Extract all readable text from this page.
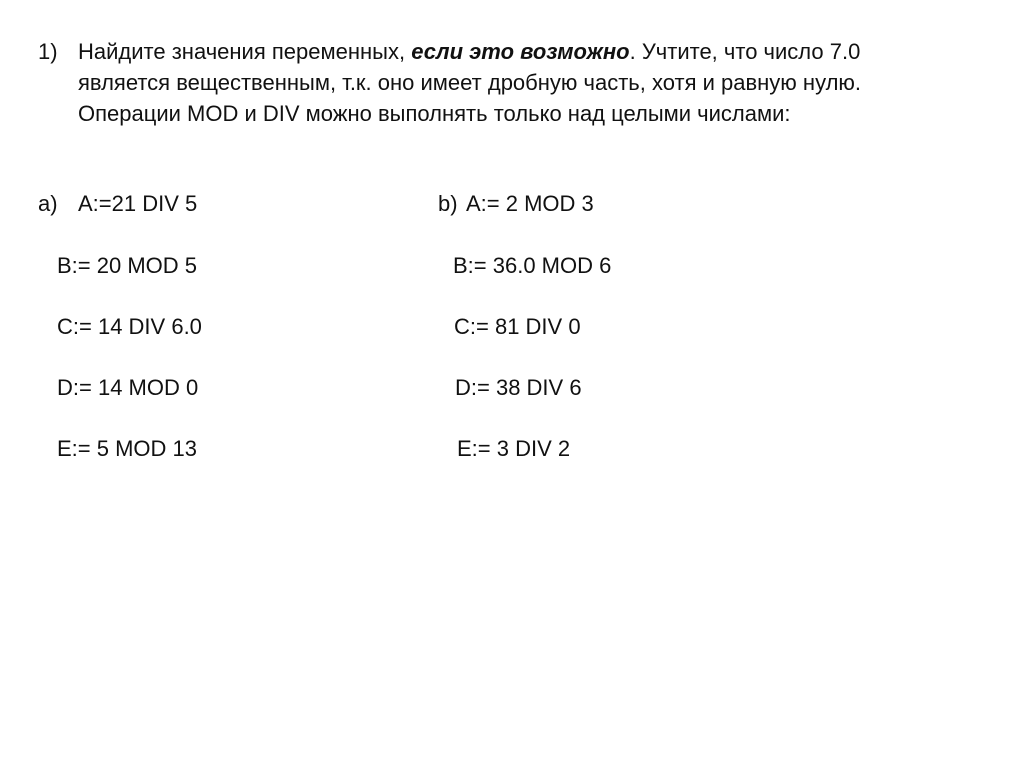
1) Найдите значения переменных, если это возможно. Учтите, что число 7.0 является вещественным, т.к. оно имеет дробную часть, хотя и равную нулю. Операции MOD и DIV можно выполнять только над целыми числами:
a) A:=21 DIV 5
B:= 20 MOD 5
C:= 14 DIV 6.0
D:= 14 MOD 0
E:= 5 MOD 13
b) A:= 2 MOD 3
B:= 36.0 MOD 6
C:= 81 DIV 0
D:= 38 DIV 6
E:= 3 DIV 2
